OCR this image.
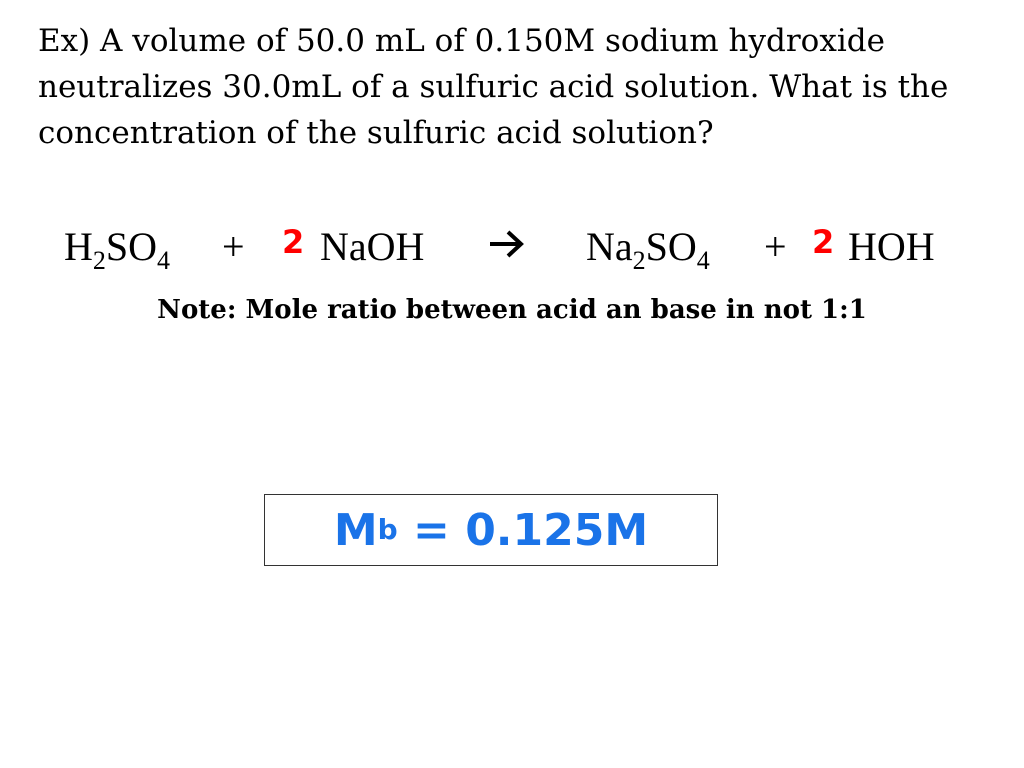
Ex) A volume of 50.0 mL of 0.150M sodium hydroxide neutralizes 30.0mL of a sulfuric acid solution. What is the concentration of the sulfuric acid solution?

$H_2SO_4 + 2$ NaOH	$Na_2SO_4 + 2$ HOH
Note: Mole ratio between acid an base in not 1:1
M b = 0.125M
